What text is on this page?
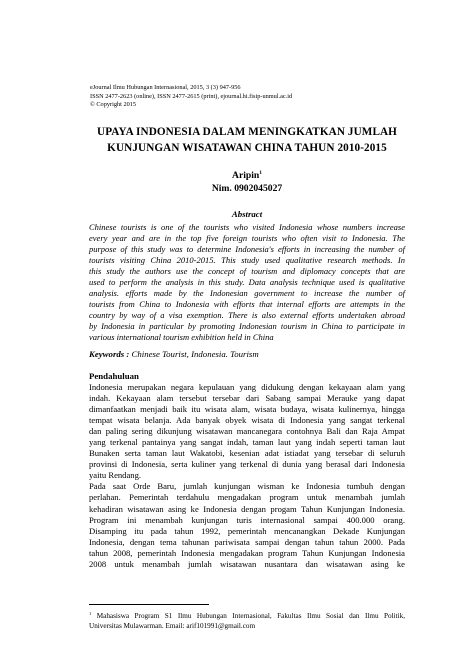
eJournal Ilmu Hubungan Internasional, 2015, 3 (3) 947-956
ISSN 2477-2623 (online), ISSN 2477-2615 (print), ejournal.hi.fisip-unmul.ac.id
© Copyright 2015
UPAYA INDONESIA DALAM MENINGKATKAN JUMLAH
KUNJUNGAN WISATAWAN CHINA TAHUN 2010-2015
Aripin$^1$
Nim. 0902045027
Abstract
Chinese tourists is one of the tourists who visited Indonesia whose numbers increase
every year and are in the top five foreign tourists who often visit to Indonesia. The
purpose of this study was to determine Indonesia's efforts in increasing the number of
tourists visiting China 2010-2015. This study used qualitative research methods. In
this study the authors use the concept of tourism and diplomacy concepts that are
used to perform the analysis in this study. Data analysis technique used is qualitative
analysis. efforts made by the Indonesian government to increase the number of
tourists from China to Indonesia with efforts that internal efforts are attempts in the
country by way of a visa exemption. There is also external efforts undertaken abroad
by Indonesia in particular by promoting Indonesian tourism in China to participate in
various international tourism exhibition held in China
Keywords : Chinese Tourist, Indonesia. Tourism
Pendahuluan
Indonesia merupakan negara kepulauan yang didukung dengan kekayaan alam yang
indah. Kekayaan alam tersebut tersebar dari Sabang sampai Merauke yang dapat
dimanfaatkan menjadi baik itu wisata alam, wisata budaya, wisata kulinernya, hingga
tempat wisata belanja. Ada banyak obyek wisata di Indonesia yang sangat terkenal
dan paling sering dikunjung wisatawan mancanegara contohnya Bali dan Raja Ampat
yang terkenal pantainya yang sangat indah, taman laut yang indah seperti taman laut
Bunaken serta taman laut Wakatobi, kesenian adat istiadat yang tersebar di seluruh
provinsi di Indonesia, serta kuliner yang terkenal di dunia yang berasal dari Indonesia
yaitu Rendang.
Pada saat Orde Baru, jumlah kunjungan wisman ke Indonesia tumbuh dengan
perlahan. Pemerintah terdahulu mengadakan program untuk menambah jumlah
kehadiran wisatawan asing ke Indonesia dengan progam Tahun Kunjungan Indonesia.
Program ini menambah kunjungan turis internasional sampai 400.000 orang.
Disamping itu pada tahun 1992, pemerintah mencanangkan Dekade Kunjungan
Indonesia, dengan tema tahunan pariwisata sampai dengan tahun tahun 2000. Pada
tahun 2008, pemerintah Indonesia mengadakan program Tahun Kunjungan Indonesia
2008 untuk menambah jumlah wisatawan nusantara dan wisatawan asing ke
$^1$ Mahasiswa Program S1 Ilmu Hubungan Internasional, Fakultas Ilmu Sosial dan Ilmu Politik,
Universitas Mulawarman. Email: arif101991@gmail.com
